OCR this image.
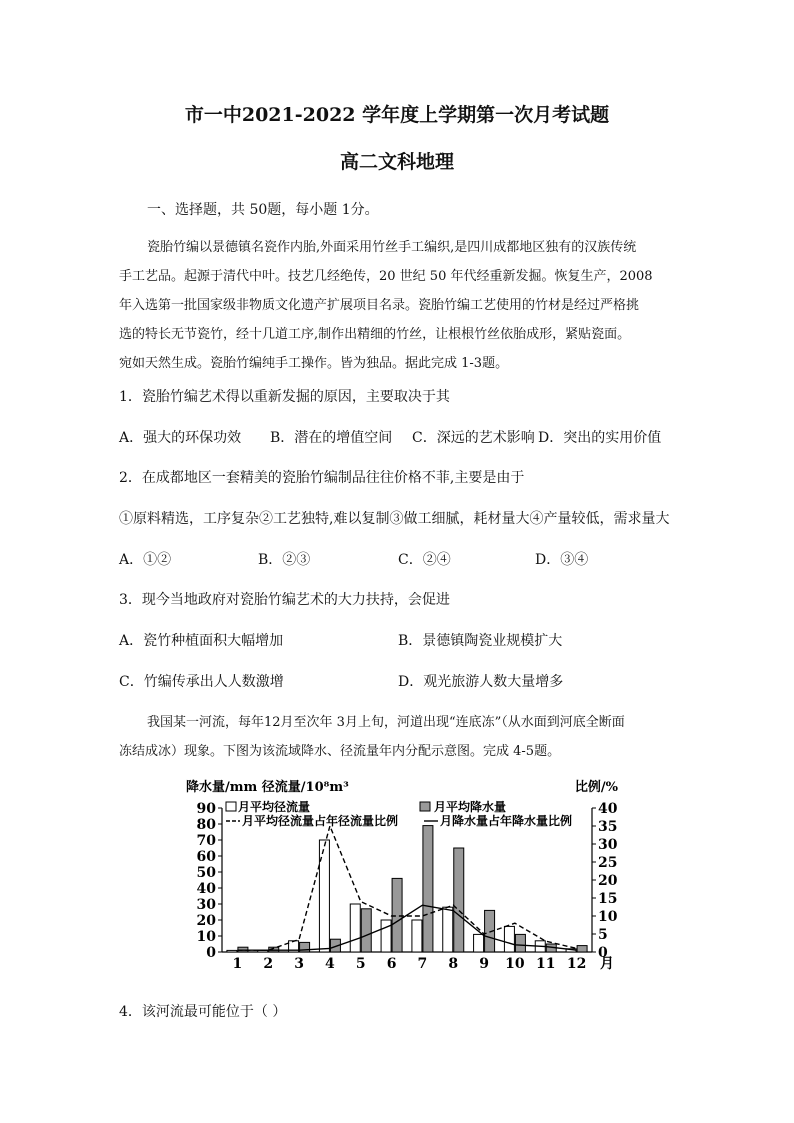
市一中2021-2022 学年度上学期第一次月考试题
高二文科地理
一、选择题，共 50题，每小题 1分。
瓷胎竹编以景德镇名瓷作内胎,外面采用竹丝手工编织,是四川成都地区独有的汉族传统
手工艺品。起源于清代中叶。技艺几经绝传，20 世纪 50 年代经重新发掘。恢复生产，2008
年入选第一批国家级非物质文化遗产扩展项目名录。瓷胎竹编工艺使用的竹材是经过严格挑
选的特长无节瓷竹，经十几道工序,制作出精细的竹丝，让根根竹丝依胎成形，紧贴瓷面。
宛如天然生成。瓷胎竹编纯手工操作。皆为独品。据此完成 1-3题。
1．瓷胎竹编艺术得以重新发掘的原因，主要取决于其
A．强大的环保功效 B．潜在的增值空间 C．深远的艺术影响 D．突出的实用价值
2．在成都地区一套精美的瓷胎竹编制品往往价格不菲,主要是由于
①原料精选，工序复杂②工艺独特,难以复制③做工细腻，耗材量大④产量较低，需求量大
A．①②	B．②③	C．②④	D．③④
3．现今当地政府对瓷胎竹编艺术的大力扶持，会促进
A．瓷竹种植面积大幅增加	B．景德镇陶瓷业规模扩大
C．竹编传承出人人数激增	D．观光旅游人数大量增多
我国某一河流，每年12月至次年 3月上旬，河道出现“连底冻”（从水面到河底全断面
冻结成冰）现象。下图为该流域降水、径流量年内分配示意图。完成 4-5题。
0
10
20
30
40
50
60
70
80
90
0
5
10
15
20
25
30
35
40
1 2 3 4 5 6 7 8 9 10 11 12 月
降水量/mm 径流量/10⁸m³	比例/%
月平均径流量	月平均降水量
月平均径流量占年径流量比例	月降水量占年降水量比例
4．该河流最可能位于（ ）
